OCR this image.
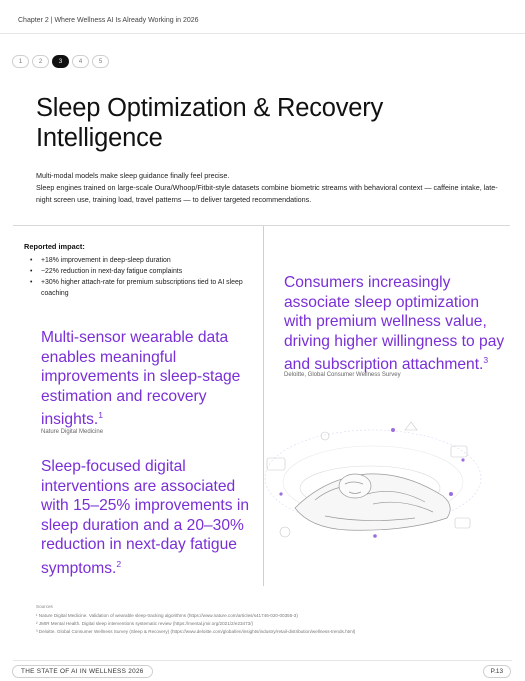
Chapter 2 | Where Wellness AI Is Already Working in 2026
1	2	3	4	5
Sleep Optimization & Recovery
Intelligence

Multi-modal models make sleep guidance finally feel precise.

Sleep engines trained on large-scale Oura/Whoop/Fitbit-style datasets combine biometric streams with behavioral context — caffeine intake, late-night screen use, training load, travel patterns — to deliver targeted recommendations.

Reported impact:
• +18% improvement in deep-sleep duration
• −22% reduction in next-day fatigue complaints
• +30% higher attach-rate for premium subscriptions tied to AI sleep coaching
Multi-sensor wearable data enables meaningful improvements in sleep-stage estimation and recovery insights.$^1$
Nature Digital Medicine
Sleep-focused digital interventions are associated with 15–25% improvements in sleep duration and a 20–30% reduction in next-day fatigue symptoms.$^2$
Consumers increasingly associate sleep optimization with premium wellness value, driving higher willingness to pay and subscription attachment.$^3$
Deloitte, Global Consumer Wellness Survey
Sources
¹ Nature Digital Medicine. Validation of wearable sleep-tracking algorithms (https://www.nature.com/articles/s41746-020-00355-3)
² JMIR Mental Health. Digital sleep interventions systematic review (https://mental.jmir.org/2021/2/e23473/)
³ Deloitte. Global Consumer Wellness Survey (Sleep & Recovery) (https://www.deloitte.com/global/en/insights/industry/retail-distribution/wellness-trends.html)
THE STATE OF AI IN WELLNESS 2026	P.13
